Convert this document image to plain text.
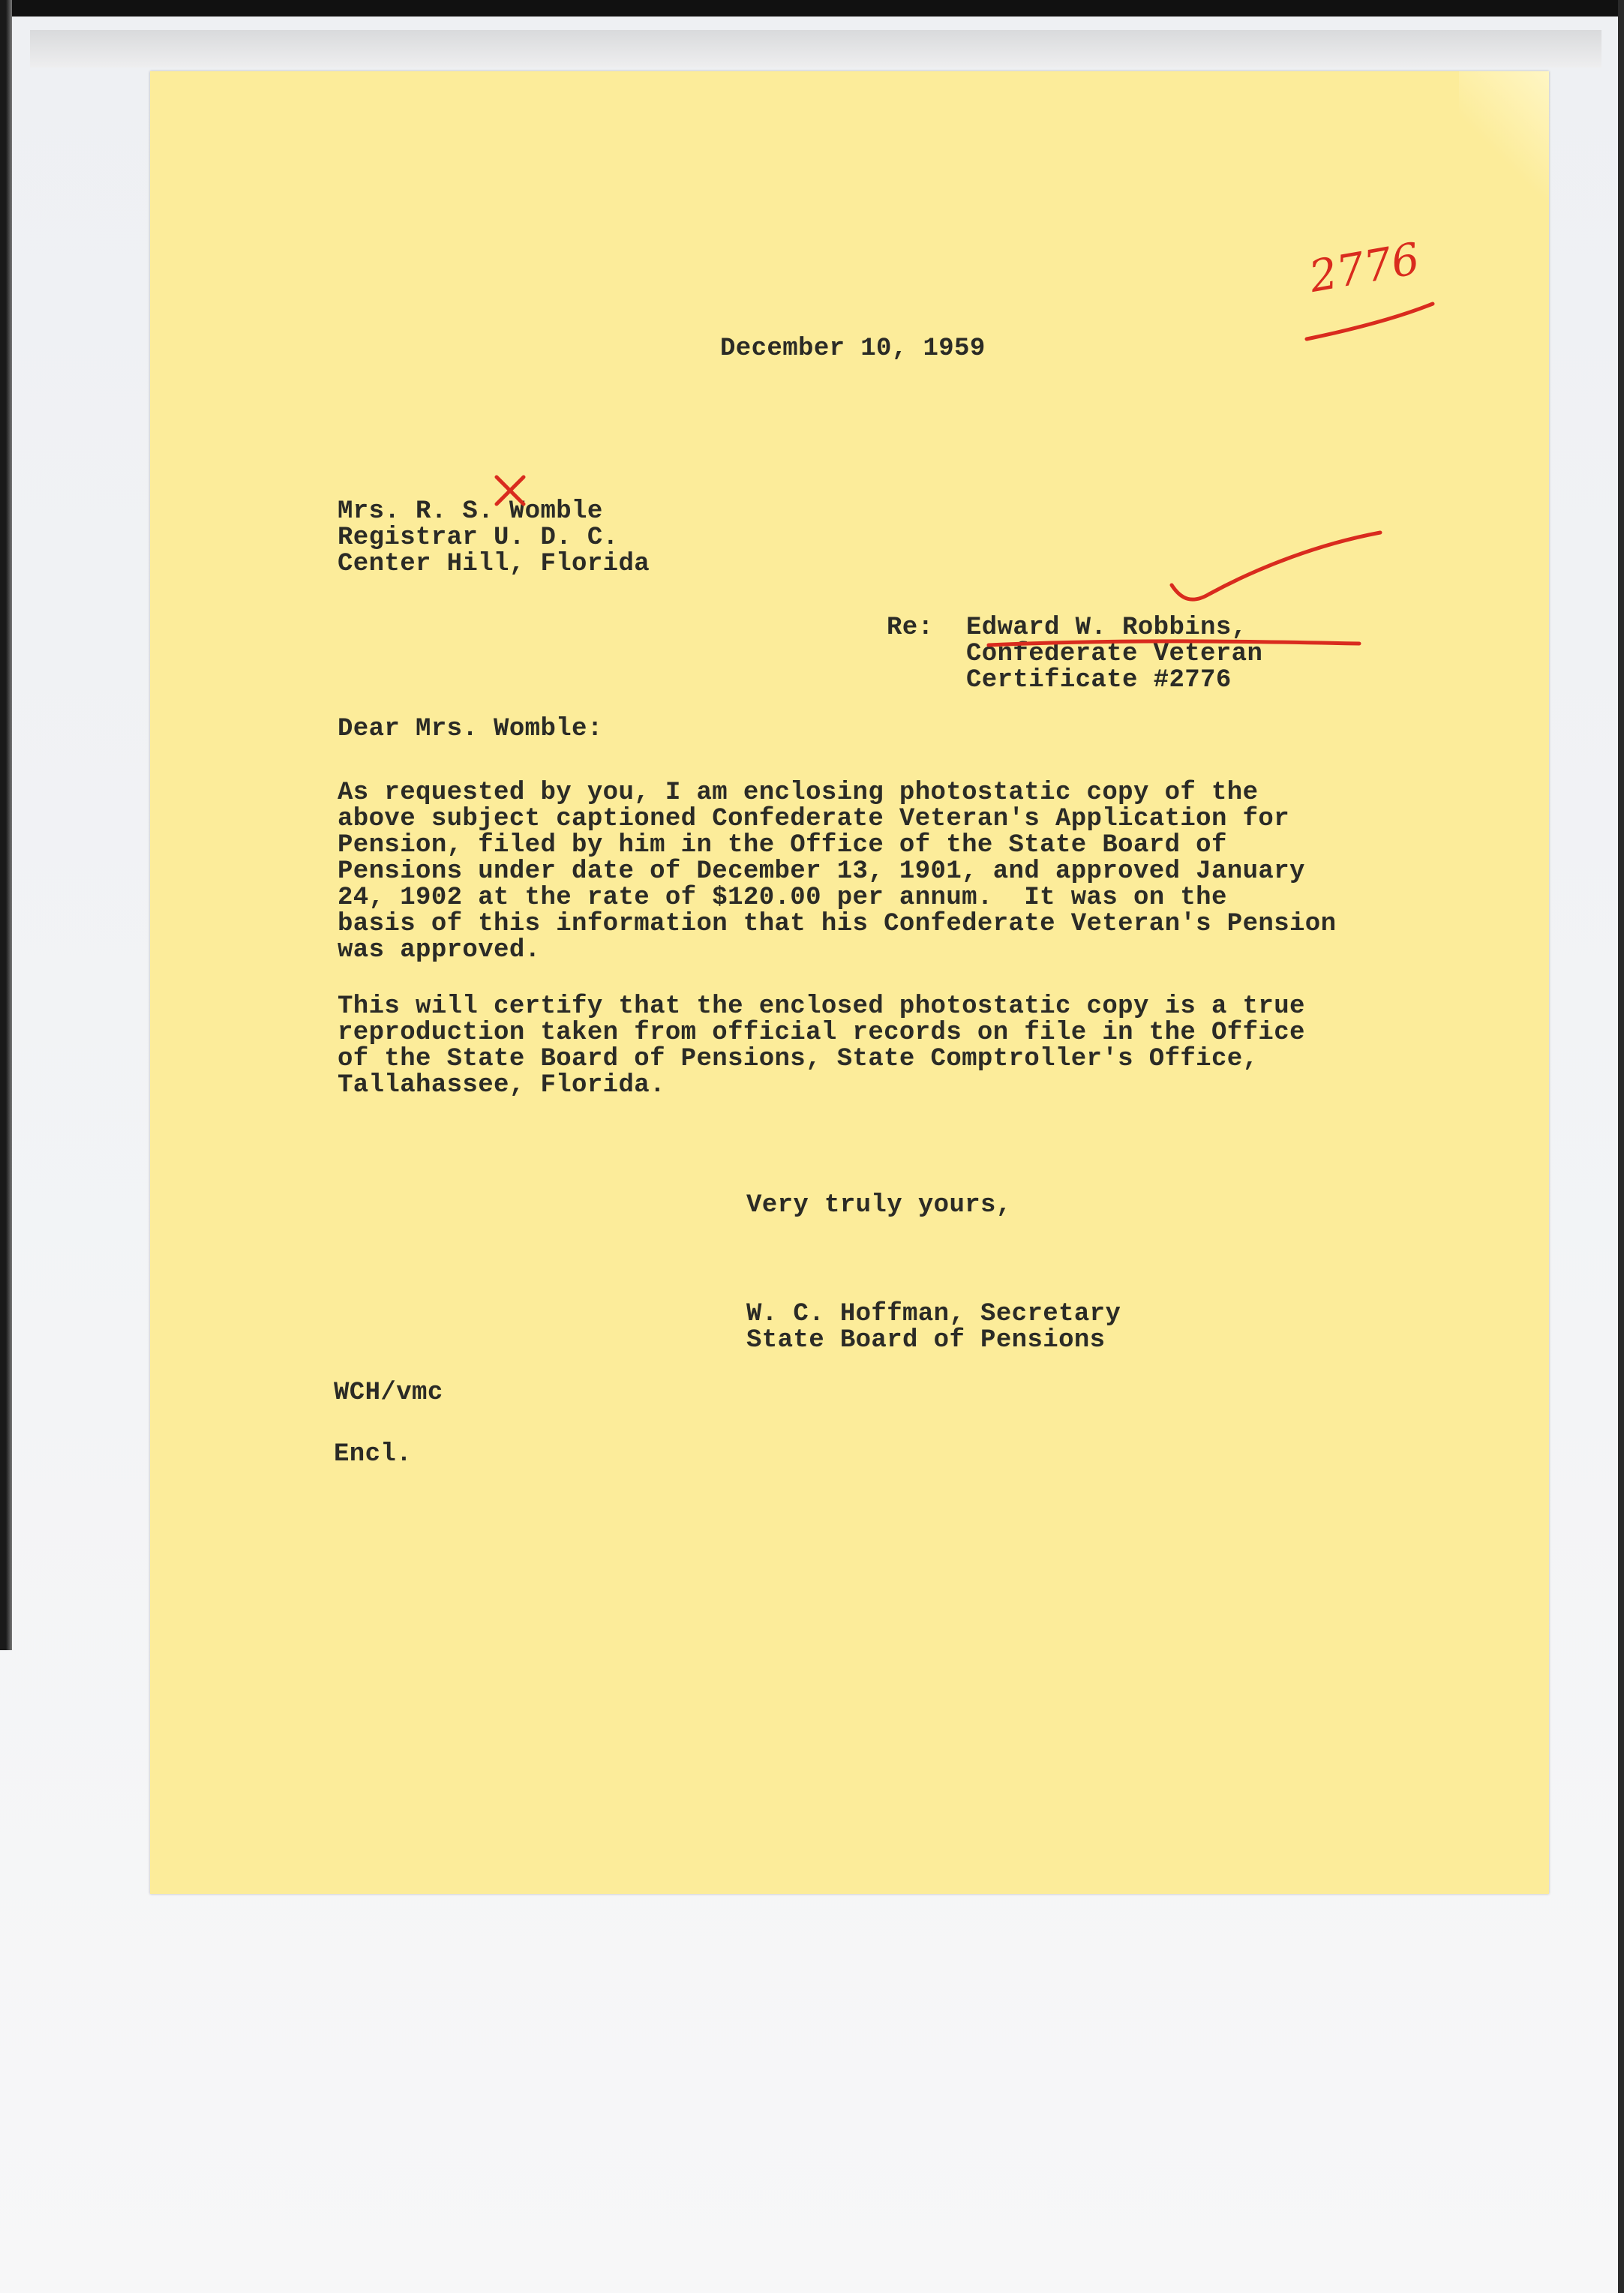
December 10, 1959
Mrs. R. S. Womble
Registrar U. D. C.
Center Hill, Florida
Re: Edward W. Robbins,
Confederate Veteran
Certificate #2776
Dear Mrs. Womble:
As requested by you, I am enclosing photostatic copy of the
above subject captioned Confederate Veteran's Application for
Pension, filed by him in the Office of the State Board of
Pensions under date of December 13, 1901, and approved January
24, 1902 at the rate of $120.00 per annum.  It was on the
basis of this information that his Confederate Veteran's Pension
was approved.
This will certify that the enclosed photostatic copy is a true
reproduction taken from official records on file in the Office
of the State Board of Pensions, State Comptroller's Office,
Tallahassee, Florida.
Very truly yours,
W. C. Hoffman, Secretary
State Board of Pensions
WCH/vmc
Encl.
2776
